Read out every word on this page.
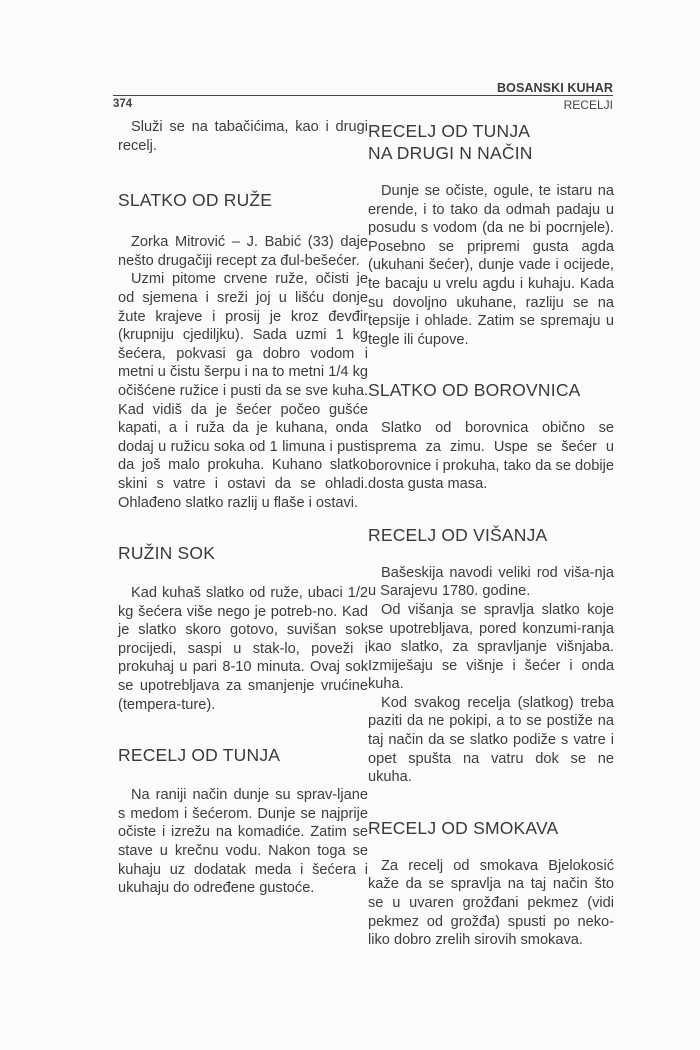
BOSANSKI KUHAR
374	RECELJI

Služi se na tabačićima, kao i drugi recelj.

SLATKO OD RUŽE

Zorka Mitrović – J. Babić (33) daje nešto drugačiji recept za đul-bešećer.

Uzmi pitome crvene ruže, očisti je od sjemena i sreži joj u lišću donje žute krajeve i prosij je kroz đevđir (krupniju cjediljku). Sada uzmi 1 kg šećera, pokvasi ga dobro vodom i metni u čistu šerpu i na to metni 1/4 kg očišćene ružice i pusti da se sve kuha. Kad vidiš da je šećer počeo gušće kapati, a i ruža da je kuhana, onda dodaj u ružicu soka od 1 limuna i pusti da još malo prokuha. Kuhano slatko skini s vatre i ostavi da se ohladi. Ohlađeno slatko razlij u flaše i ostavi.

RUŽIN SOK

Kad kuhaš slatko od ruže, ubaci 1/2 kg šećera više nego je potreb-no. Kad je slatko skoro gotovo, suvišan sok procijedi, saspi u stak-lo, poveži i prokuhaj u pari 8-10 minuta. Ovaj sok se upotrebljava za smanjenje vrućine (tempera-ture).

RECELJ OD TUNJA

Na raniji način dunje su sprav-ljane s medom i šećerom. Dunje se najprije očiste i izrežu na komadiće. Zatim se stave u krečnu vodu. Nakon toga se kuhaju uz dodatak meda i šećera i ukuhaju do određene gustoće.

RECELJ OD TUNJA
NA DRUGI N NAČIN

Dunje se očiste, ogule, te istaru na erende, i to tako da odmah padaju u posudu s vodom (da ne bi pocrnjele). Posebno se pripremi gusta agda (ukuhani šećer), dunje vade i ocijede, te bacaju u vrelu agdu i kuhaju. Kada su dovoljno ukuhane, razliju se na tepsije i ohlade. Zatim se spremaju u tegle ili ćupove.

SLATKO OD BOROVNICA

Slatko od borovnica obično se sprema za zimu. Uspe se šećer u borovnice i prokuha, tako da se dobije dosta gusta masa.

RECELJ OD VIŠANJA

Bašeskija navodi veliki rod viša-nja u Sarajevu 1780. godine.

Od višanja se spravlja slatko koje se upotrebljava, pored konzumi-ranja kao slatko, za spravljanje višnjaba. Izmiješaju se višnje i šećer i onda kuha.

Kod svakog recelja (slatkog) treba paziti da ne pokipi, a to se postiže na taj način da se slatko podiže s vatre i opet spušta na vatru dok se ne ukuha.

RECELJ OD SMOKAVA

Za recelj od smokava Bjelokosić kaže da se spravlja na taj način što se u uvaren grožđani pekmez (vidi pekmez od grožđa) spusti po neko-liko dobro zrelih sirovih smokava.
